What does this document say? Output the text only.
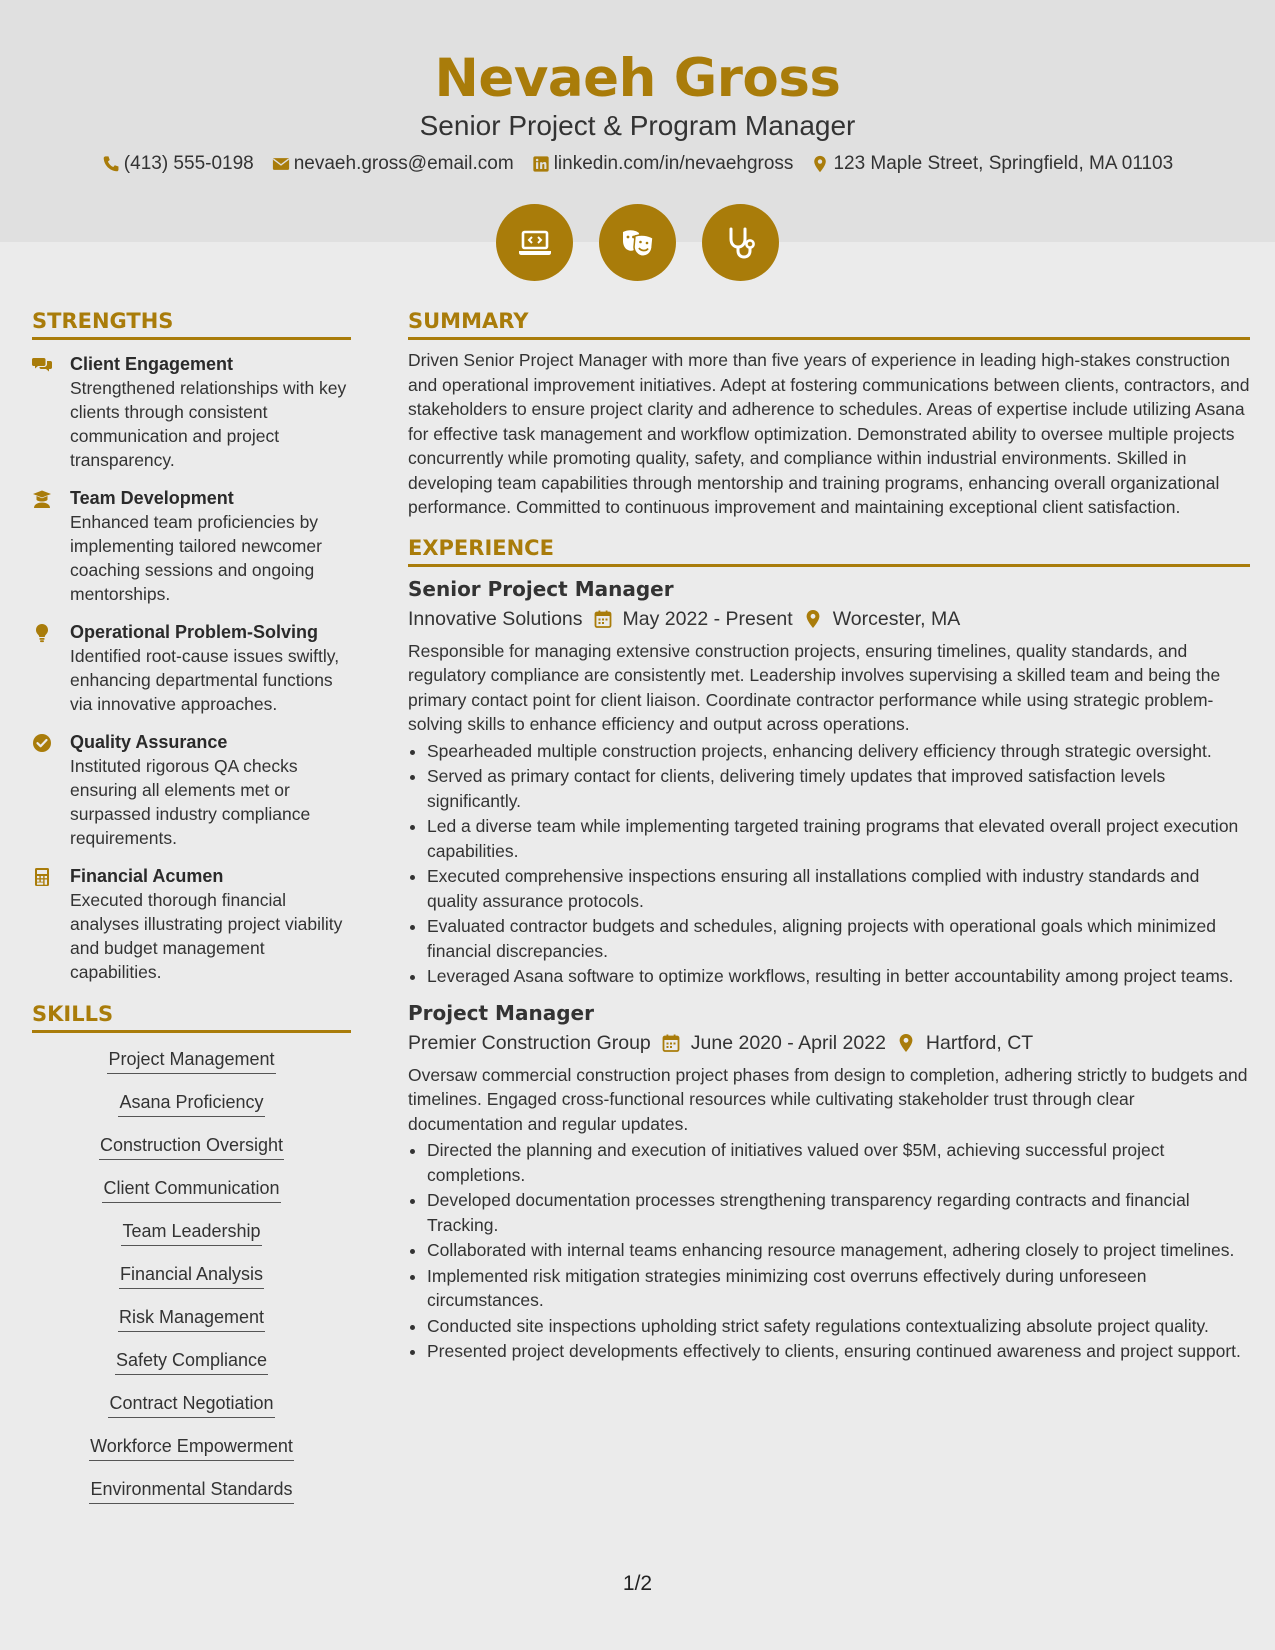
Nevaeh Gross
Senior Project & Program Manager
(413) 555-0198 nevaeh.gross@email.com linkedin.com/in/nevaehgross 123 Maple Street, Springfield, MA 01103
STRENGTHS
Client Engagement
Strengthened relationships with key clients through consistent communication and project transparency.
Team Development
Enhanced team proficiencies by implementing tailored newcomer coaching sessions and ongoing mentorships.
Operational Problem-Solving
Identified root-cause issues swiftly, enhancing departmental functions via innovative approaches.
Quality Assurance
Instituted rigorous QA checks ensuring all elements met or surpassed industry compliance requirements.
Financial Acumen
Executed thorough financial analyses illustrating project viability and budget management capabilities.
SKILLS
Project Management
Asana Proficiency
Construction Oversight
Client Communication
Team Leadership
Financial Analysis
Risk Management
Safety Compliance
Contract Negotiation
Workforce Empowerment
Environmental Standards
SUMMARY
Driven Senior Project Manager with more than five years of experience in leading high-stakes construction and operational improvement initiatives. Adept at fostering communications between clients, contractors, and stakeholders to ensure project clarity and adherence to schedules. Areas of expertise include utilizing Asana for effective task management and workflow optimization. Demonstrated ability to oversee multiple projects concurrently while promoting quality, safety, and compliance within industrial environments. Skilled in developing team capabilities through mentorship and training programs, enhancing overall organizational performance. Committed to continuous improvement and maintaining exceptional client satisfaction.
EXPERIENCE
Senior Project Manager
Innovative Solutions May 2022 - Present Worcester, MA
Responsible for managing extensive construction projects, ensuring timelines, quality standards, and regulatory compliance are consistently met. Leadership involves supervising a skilled team and being the primary contact point for client liaison. Coordinate contractor performance while using strategic problem-solving skills to enhance efficiency and output across operations.
• Spearheaded multiple construction projects, enhancing delivery efficiency through strategic oversight.
• Served as primary contact for clients, delivering timely updates that improved satisfaction levels significantly.
• Led a diverse team while implementing targeted training programs that elevated overall project execution capabilities.
• Executed comprehensive inspections ensuring all installations complied with industry standards and quality assurance protocols.
• Evaluated contractor budgets and schedules, aligning projects with operational goals which minimized financial discrepancies.
• Leveraged Asana software to optimize workflows, resulting in better accountability among project teams.
Project Manager
Premier Construction Group June 2020 - April 2022 Hartford, CT
Oversaw commercial construction project phases from design to completion, adhering strictly to budgets and timelines. Engaged cross-functional resources while cultivating stakeholder trust through clear documentation and regular updates.
• Directed the planning and execution of initiatives valued over $5M, achieving successful project completions.
• Developed documentation processes strengthening transparency regarding contracts and financial Tracking.
• Collaborated with internal teams enhancing resource management, adhering closely to project timelines.
• Implemented risk mitigation strategies minimizing cost overruns effectively during unforeseen circumstances.
• Conducted site inspections upholding strict safety regulations contextualizing absolute project quality.
• Presented project developments effectively to clients, ensuring continued awareness and project support.
1/2
